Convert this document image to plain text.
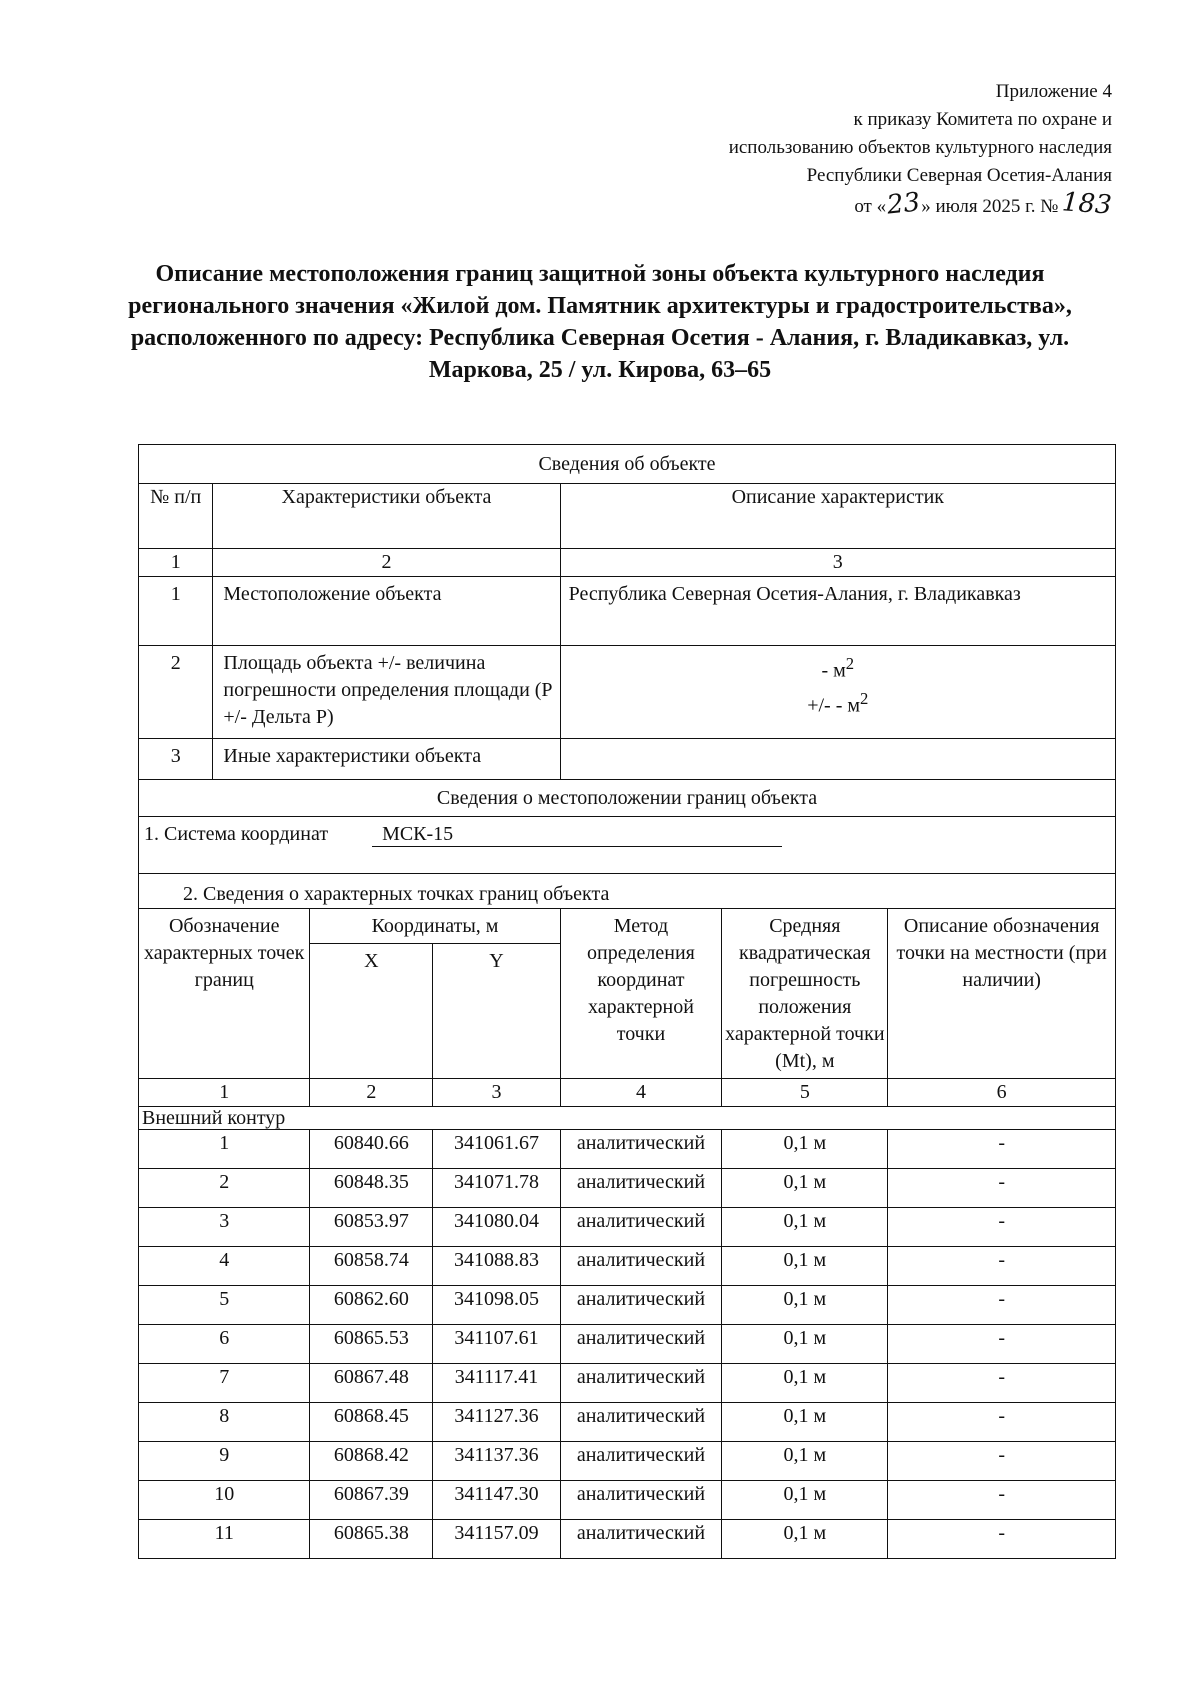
Приложение 4
к приказу Комитета по охране и
использованию объектов культурного наследия
Республики Северная Осетия-Алания
от «23» июля 2025 г. № 183
Описание местоположения границ защитной зоны объекта культурного наследия регионального значения «Жилой дом. Памятник архитектуры и градостроительства», расположенного по адресу: Республика Северная Осетия - Алания, г. Владикавказ, ул. Маркова, 25 / ул. Кирова, 63–65
Сведения об объекте						
№ п/п	Характеристики объекта			Описание характеристик		
1	2			3		
1	Местоположение объекта			Республика Северная Осетия-Алания, г. Владикавказ		
2	Площадь объекта +/- величина погрешности определения площади (Р +/- Дельта Р)			- $м^2$
+/- - $м^2$

3	Иные характеристики объекта					
Сведения о местоположении границ объекта						
1. Система координат МСК-15						
2. Сведения о характерных точках границ объекта						
Обозначение характерных точек границ		Координаты, м		Метод определения координат характерной точки	Средняя квадратическая погрешность положения характерной точки (Mt), м	Описание обозначения точки на местности (при наличии)
		X	Y			
1		2	3	4	5	6
Внешний контур						
1		60840.66	341061.67	аналитический	0,1 м	-
2		60848.35	341071.78	аналитический	0,1 м	-
3		60853.97	341080.04	аналитический	0,1 м	-
4		60858.74	341088.83	аналитический	0,1 м	-
5		60862.60	341098.05	аналитический	0,1 м	-
6		60865.53	341107.61	аналитический	0,1 м	-
7		60867.48	341117.41	аналитический	0,1 м	-
8		60868.45	341127.36	аналитический	0,1 м	-
9		60868.42	341137.36	аналитический	0,1 м	-
10		60867.39	341147.30	аналитический	0,1 м	-
11		60865.38	341157.09	аналитический	0,1 м	-
